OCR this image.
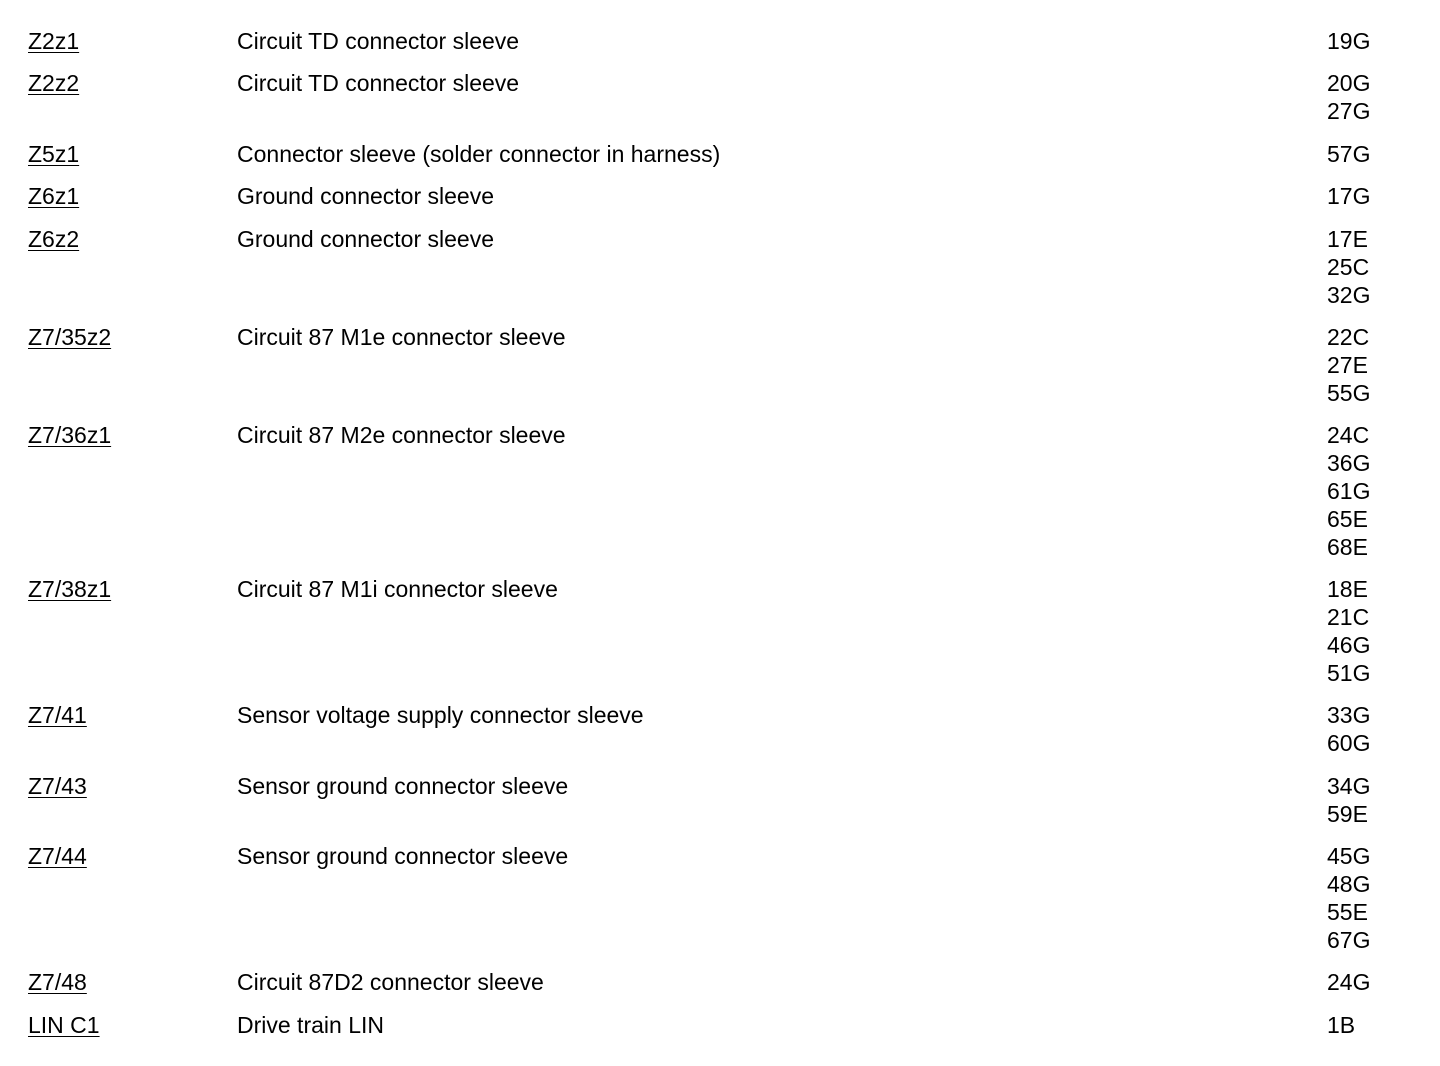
Z2z1	Circuit TD connector sleeve	19G
Z2z2	Circuit TD connector sleeve	20G
27G
Z5z1	Connector sleeve (solder connector in harness)	57G
Z6z1	Ground connector sleeve	17G
Z6z2	Ground connector sleeve	17E
25C
32G
Z7/35z2	Circuit 87 M1e connector sleeve	22C
27E
55G
Z7/36z1	Circuit 87 M2e connector sleeve	24C
36G
61G
65E
68E
Z7/38z1	Circuit 87 M1i connector sleeve	18E
21C
46G
51G
Z7/41	Sensor voltage supply connector sleeve	33G
60G
Z7/43	Sensor ground connector sleeve	34G
59E
Z7/44	Sensor ground connector sleeve	45G
48G
55E
67G
Z7/48	Circuit 87D2 connector sleeve	24G
LIN C1	Drive train LIN	1B
